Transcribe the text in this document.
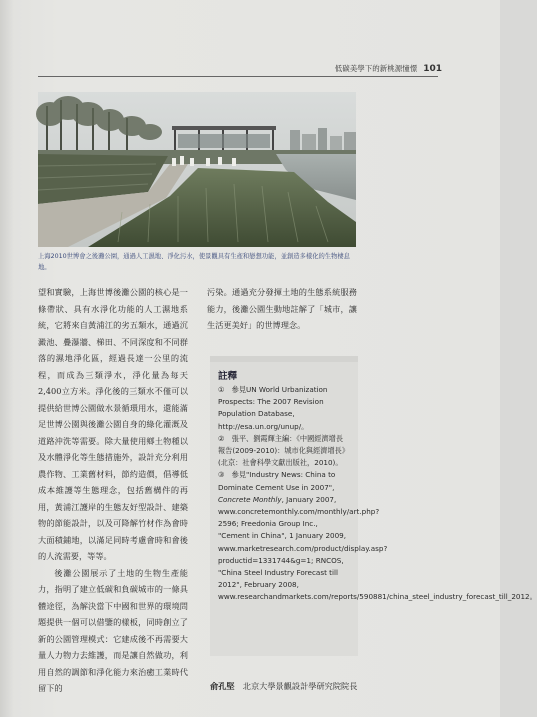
低碳美學下的新桃源憧憬 101
上海2010世博會之後灘公園，通過人工濕地、淨化污水，使景觀具有生產和戀想功能，並創造多樣化的生物棲息地。

望和實驗，上海世博後灘公園的核心是一條帶狀、具有水淨化功能的人工濕地系統，它將來自黃浦江的劣五類水，通過沉澱池、疊瀑牆、梯田、不同深度和不同群落的濕地淨化區，經過長達一公里的流程，而成為三類淨水，淨化量為每天2,400立方米。淨化後的三類水不僅可以提供給世博公園做水景循環用水，還能滿足世博公園與後灘公園自身的綠化灌溉及道路沖洗等需要。除大量使用鄉土物種以及水體淨化等生態措施外，設計充分利用農作物、工業舊材料，節約造價，倡導低成本維護等生態理念，包括舊構件的再用，黃浦江護岸的生態友好型設計、建築物的節能設計，以及可降解竹材作為會時大面積鋪地，以滿足同時考慮會時和會後的人流需要，等等。

後灘公園展示了土地的生物生產能力，指明了建立低碳和負碳城市的一條具體途徑，為解決當下中國和世界的環境問題提供一個可以借鑒的樣板，同時創立了新的公園管理模式：它建成後不再需要大量人力物力去維護，而是讓自然做功，利用自然的調節和淨化能力來治癒工業時代留下的

污染。通過充分發揮土地的生態系統服務能力，後灘公園生動地註解了「城市，讓生活更美好」的世博理念。
註釋

①　參見UN World Urbanization Prospects: The 2007 Revision Population Database, http://esa.un.org/unup/。

②　張平、劉霞輝主編：《中國經濟增長報告(2009-2010)：城市化與經濟增長》(北京：社會科學文獻出版社，2010)。

③　參見"Industry News: China to Dominate Cement Use in 2007", Concrete Monthly, January 2007, www.concretemonthly.com/monthly/art.php?2596; Freedonia Group Inc., "Cement in China", 1 January 2009, www.marketresearch.com/product/display.asp?productid=1331744&g=1; RNCOS, "China Steel Industry Forecast till 2012", February 2008, www.researchandmarkets.com/reports/590881/china_steel_industry_forecast_till_2012。

俞孔堅　 北京大學景觀設計學研究院院長
